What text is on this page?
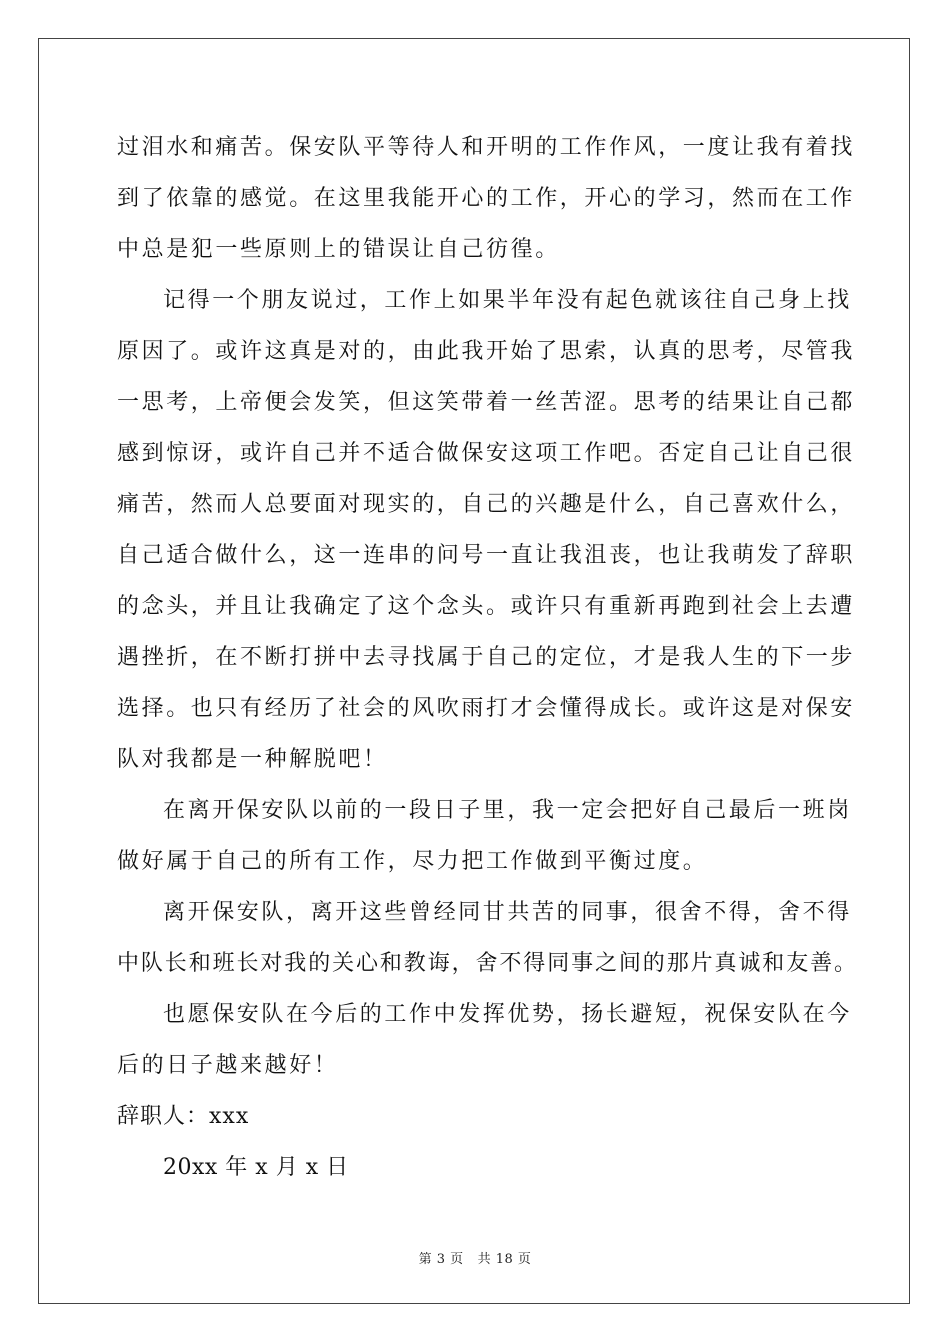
过泪水和痛苦。保安队平等待人和开明的工作作风，一度让我有着找
到了依靠的感觉。在这里我能开心的工作，开心的学习，然而在工作
中总是犯一些原则上的错误让自己彷徨。
记得一个朋友说过，工作上如果半年没有起色就该往自己身上找
原因了。或许这真是对的，由此我开始了思索，认真的思考，尽管我
一思考，上帝便会发笑，但这笑带着一丝苦涩。思考的结果让自己都
感到惊讶，或许自己并不适合做保安这项工作吧。否定自己让自己很
痛苦，然而人总要面对现实的，自己的兴趣是什么，自己喜欢什么，
自己适合做什么，这一连串的问号一直让我沮丧，也让我萌发了辞职
的念头，并且让我确定了这个念头。或许只有重新再跑到社会上去遭
遇挫折，在不断打拼中去寻找属于自己的定位，才是我人生的下一步
选择。也只有经历了社会的风吹雨打才会懂得成长。或许这是对保安
队对我都是一种解脱吧！
在离开保安队以前的一段日子里，我一定会把好自己最后一班岗
做好属于自己的所有工作，尽力把工作做到平衡过度。
离开保安队，离开这些曾经同甘共苦的同事，很舍不得，舍不得
中队长和班长对我的关心和教诲，舍不得同事之间的那片真诚和友善。
也愿保安队在今后的工作中发挥优势，扬长避短，祝保安队在今
后的日子越来越好！
辞职人：xxx
20xx 年 x 月 x 日
第 3 页 共 18 页
